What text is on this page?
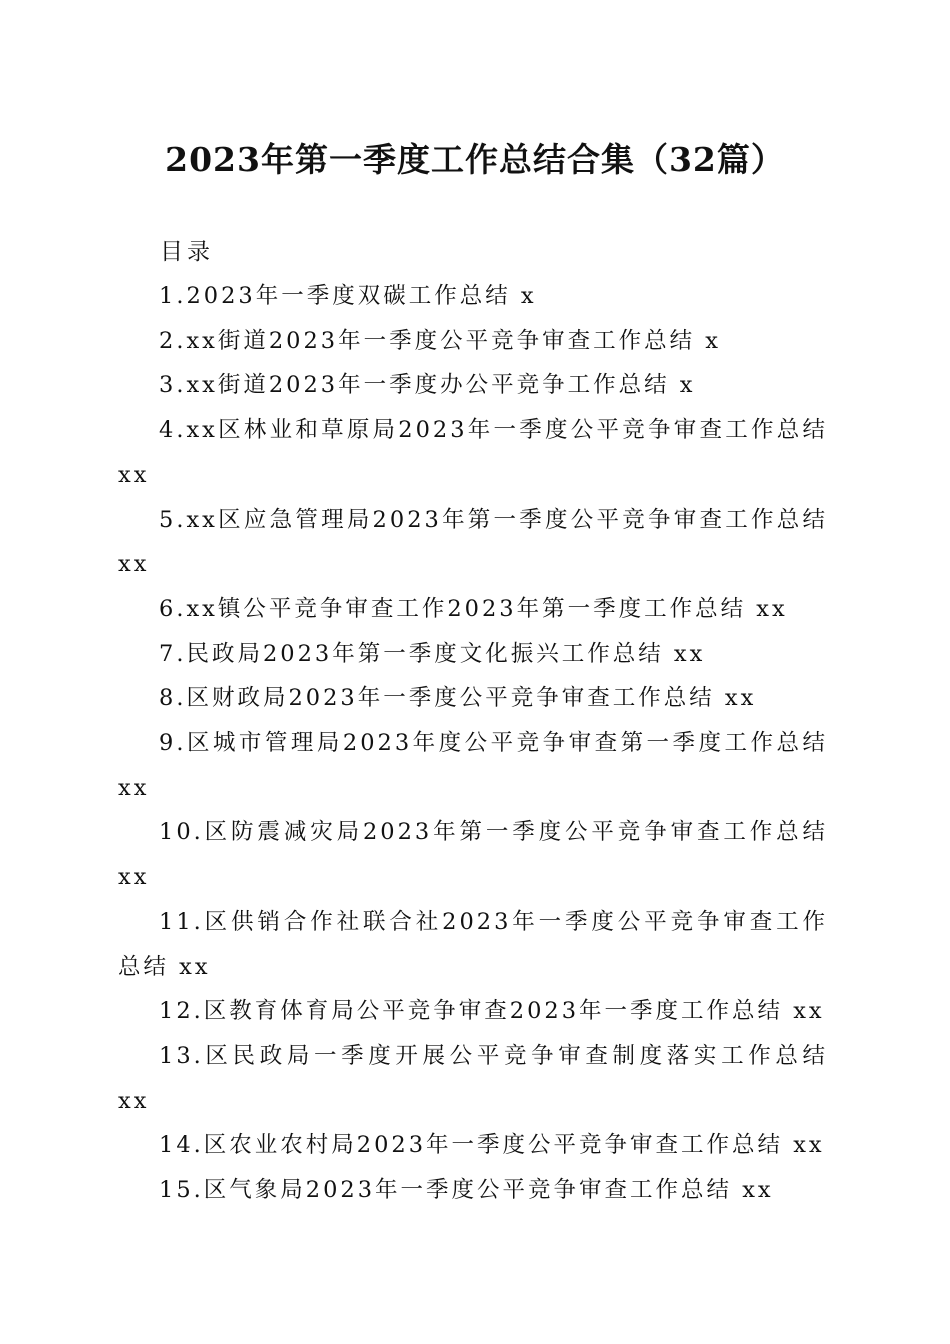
2023年第一季度工作总结合集（32篇）
目录
1.2023年一季度双碳工作总结 x
2.xx街道2023年一季度公平竞争审查工作总结 x
3.xx街道2023年一季度办公平竞争工作总结 x
4.xx区林业和草原局2023年一季度公平竞争审查工作总结xx
5.xx区应急管理局2023年第一季度公平竞争审查工作总结xx
6.xx镇公平竞争审查工作2023年第一季度工作总结 xx
7.民政局2023年第一季度文化振兴工作总结 xx
8.区财政局2023年一季度公平竞争审查工作总结 xx
9.区城市管理局2023年度公平竞争审查第一季度工作总结xx
10.区防震减灾局2023年第一季度公平竞争审查工作总结 xx
11.区供销合作社联合社2023年一季度公平竞争审查工作总结 xx
12.区教育体育局公平竞争审查2023年一季度工作总结 xx
13.区民政局一季度开展公平竞争审查制度落实工作总结 xx
14.区农业农村局2023年一季度公平竞争审查工作总结 xx
15.区气象局2023年一季度公平竞争审查工作总结 xx
